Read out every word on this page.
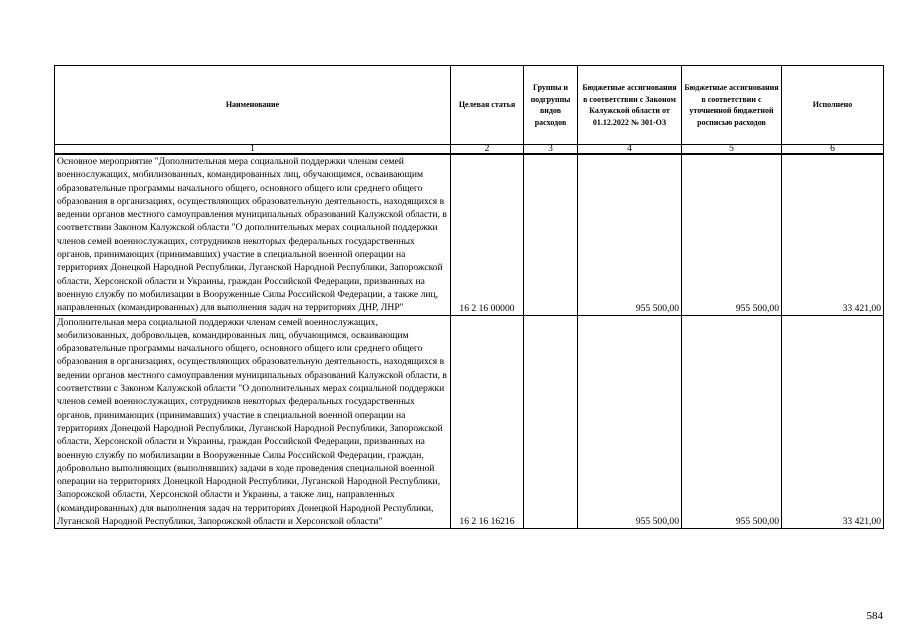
Наименование	Целевая статья	Группы и подгруппы видов расходов	Бюджетные ассигнования в соответствии с Законом Калужской области от 01.12.2022 № 301-ОЗ	Бюджетные ассигнования в соответствии с уточненной бюджетной росписью расходов	Исполнено
1	2	3	4	5	6
Основное мероприятие "Дополнительная мера социальной поддержки членам семей военнослужащих, мобилизованных, командированных лиц, обучающимся, осваивающим образовательные программы начального общего, основного общего или среднего общего образования в организациях, осуществляющих образовательную деятельность, находящихся в ведении органов местного самоуправления муниципальных образований Калужской области, в соответствии Законом Калужской области "О дополнительных мерах социальной поддержки членов семей военнослужащих, сотрудников некоторых федеральных государственных органов, принимающих (принимавших) участие в специальной военной операции на территориях Донецкой Народной Республики, Луганской Народной Республики, Запорожской области, Херсонской области и Украины, граждан Российской Федерации, призванных на военную службу по мобилизации в Вооруженные Силы Российской Федерации, а также лиц, направленных (командированных) для выполнения задач на территориях ДНР, ЛНР"	16 2 16 00000		955 500,00	955 500,00	33 421,00
Дополнительная мера социальной поддержки членам семей военнослужащих, мобилизованных, добровольцев, командированных лиц, обучающимся, осваивающим образовательные программы начального общего, основного общего или среднего общего образования в организациях, осуществляющих образовательную деятельность, находящихся в ведении органов местного самоуправления муниципальных образований Калужской области, в соответствии с Законом Калужской области "О дополнительных мерах социальной поддержки членов семей военнослужащих, сотрудников некоторых федеральных государственных органов, принимающих (принимавших) участие в специальной военной операции на территориях Донецкой Народной Республики, Луганской Народной Республики, Запорожской области, Херсонской области и Украины, граждан Российской Федерации, призванных на военную службу по мобилизации в Вооруженные Силы Российской Федерации, граждан, добровольно выполняющих (выполнявших) задачи в ходе проведения специальной военной операции на территориях Донецкой Народной Республики, Луганской Народной Республики, Запорожской области, Херсонской области и Украины, а также лиц, направленных (командированных) для выполнения задач на территориях Донецкой Народной Республики, Луганской Народной Республики, Запорожской области и Херсонской области"	16 2 16 16216		955 500,00	955 500,00	33 421,00
584
